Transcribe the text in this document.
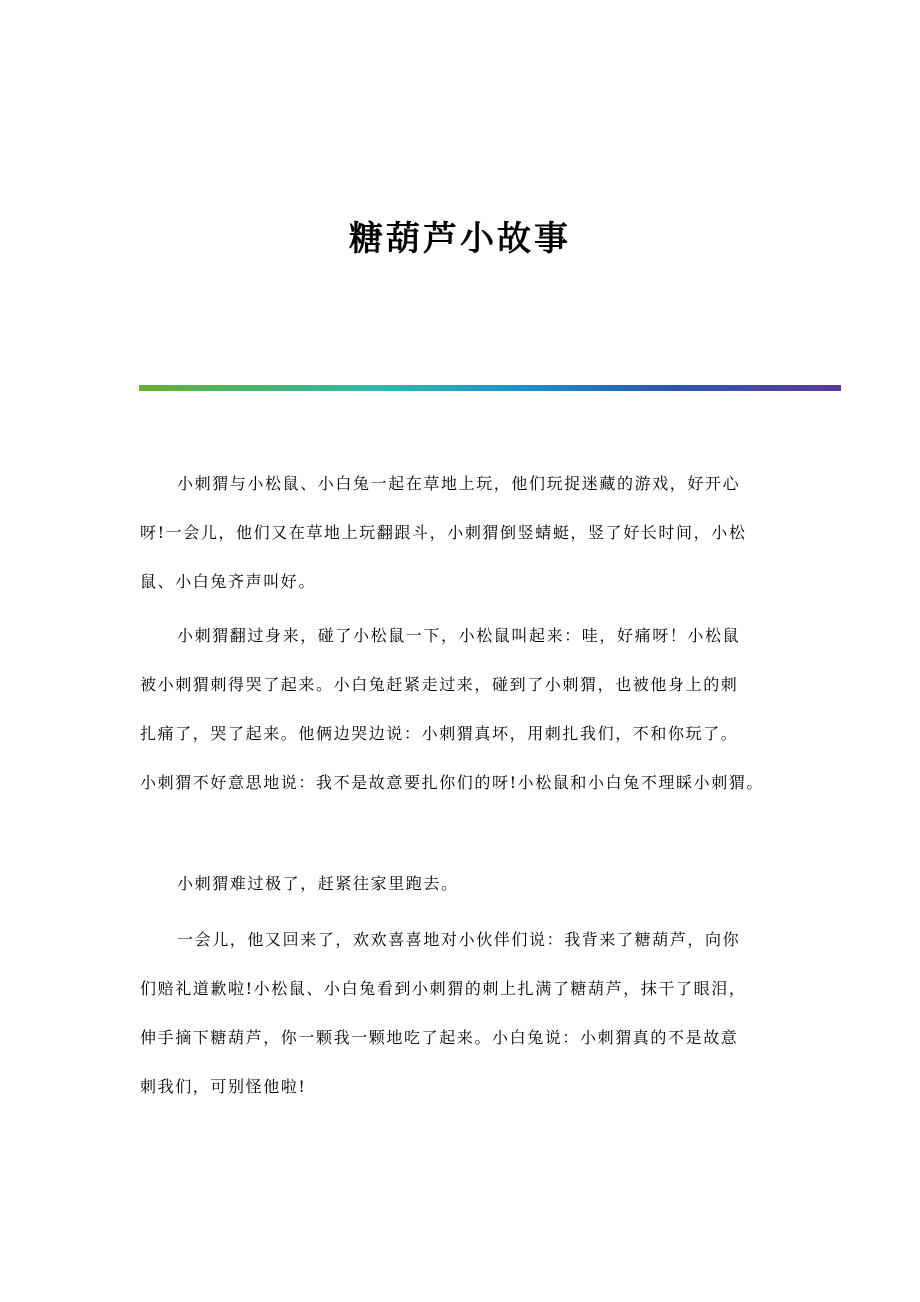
糖葫芦小故事
小刺猬与小松鼠、小白兔一起在草地上玩，他们玩捉迷藏的游戏，好开心
呀!一会儿，他们又在草地上玩翻跟斗，小刺猬倒竖蜻蜓，竖了好长时间，小松
鼠、小白兔齐声叫好。
小刺猬翻过身来，碰了小松鼠一下，小松鼠叫起来：哇，好痛呀！小松鼠
被小刺猬刺得哭了起来。小白兔赶紧走过来，碰到了小刺猬，也被他身上的刺
扎痛了，哭了起来。他俩边哭边说：小刺猬真坏，用刺扎我们，不和你玩了。
小刺猬不好意思地说：我不是故意要扎你们的呀!小松鼠和小白兔不理睬小刺猬。
小刺猬难过极了，赶紧往家里跑去。
一会儿，他又回来了，欢欢喜喜地对小伙伴们说：我背来了糖葫芦，向你
们赔礼道歉啦!小松鼠、小白兔看到小刺猬的刺上扎满了糖葫芦，抹干了眼泪，
伸手摘下糖葫芦，你一颗我一颗地吃了起来。小白兔说：小刺猬真的不是故意
刺我们，可别怪他啦!
